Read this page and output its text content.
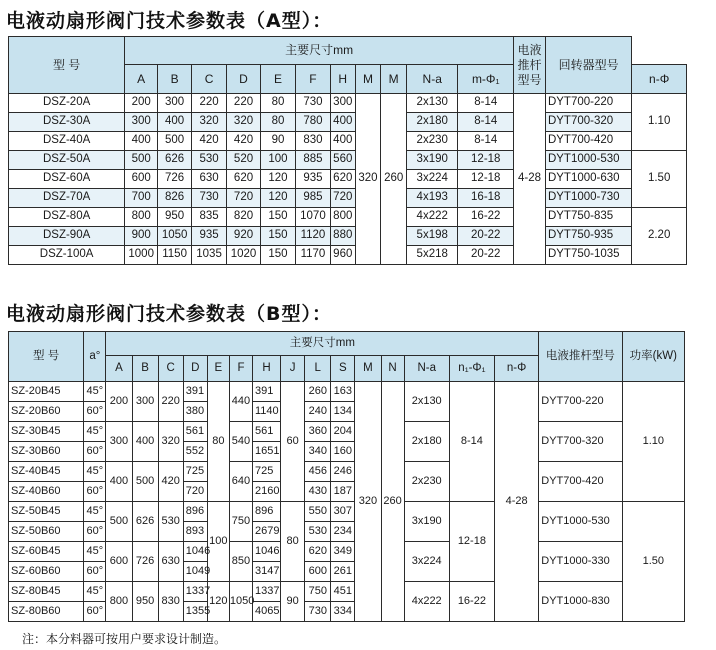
电液动扇形阀门技术参数表（A型）：
型 号	主要尺寸mm											电液推杆型号	回转器型号	
	A	B	C	D	E	F	H	M	M	N-a	m-Φ₁			n-Φ
DSZ-20A	200	300	220	220	80	730	300	320	260	2x130	8-14	4-28	DYT700-220	1.10
DSZ-30A	300	400	320	320	80	780	400			2x180	8-14		DYT700-320	
DSZ-40A	400	500	420	420	90	830	400			2x230	8-14		DYT700-420	
DSZ-50A	500	626	530	520	100	885	560			3x190	12-18		DYT1000-530	1.50
DSZ-60A	600	726	630	620	120	935	620			3x224	12-18		DYT1000-630	
DSZ-70A	700	826	730	720	120	985	720			4x193	16-18		DYT1000-730	
DSZ-80A	800	950	835	820	150	1070	800			4x222	16-22		DYT750-835	2.20
DSZ-90A	900	1050	935	920	150	1120	880			5x198	20-22		DYT750-935	
DSZ-100A	1000	1150	1035	1020	150	1170	960			5x218	20-22		DYT750-1035	
电液动扇形阀门技术参数表（B型）：
型 号	a°	主要尺寸mm															电液推杆型号	功率(kW)
		A	B	C	D	E	F	H	J	L	S	M	N	N-a	n₁-Φ₁	n-Φ		
SZ-20B45	45°	200	300	220	391	80	440	391	60	260	163	320	260	2x130	8-14	4-28	DYT700-220	1.10
SZ-20B60	60°				380			1140		240	134							
SZ-30B45	45°	300	400	320	561		540	561		360	204			2x180			DYT700-320	
SZ-30B60	60°				552			1651		340	160							
SZ-40B45	45°	400	500	420	725		640	725		456	246			2x230			DYT700-420	
SZ-40B60	60°				720			2160		430	187							
SZ-50B45	45°	500	626	530	896	100	750	896	80	550	307			3x190	12-18		DYT1000-530	1.50
SZ-50B60	60°				893			2679		530	234							
SZ-60B45	45°	600	726	630	1046		850	1046		620	349			3x224			DYT1000-330	
SZ-60B60	60°				1049			3147		600	261							
SZ-80B45	45°	800	950	830	1337	120	1050	1337	90	750	451			4x222	16-22		DYT1000-830	
SZ-80B60	60°				1355			4065		730	334							
注：本分料器可按用户要求设计制造。
